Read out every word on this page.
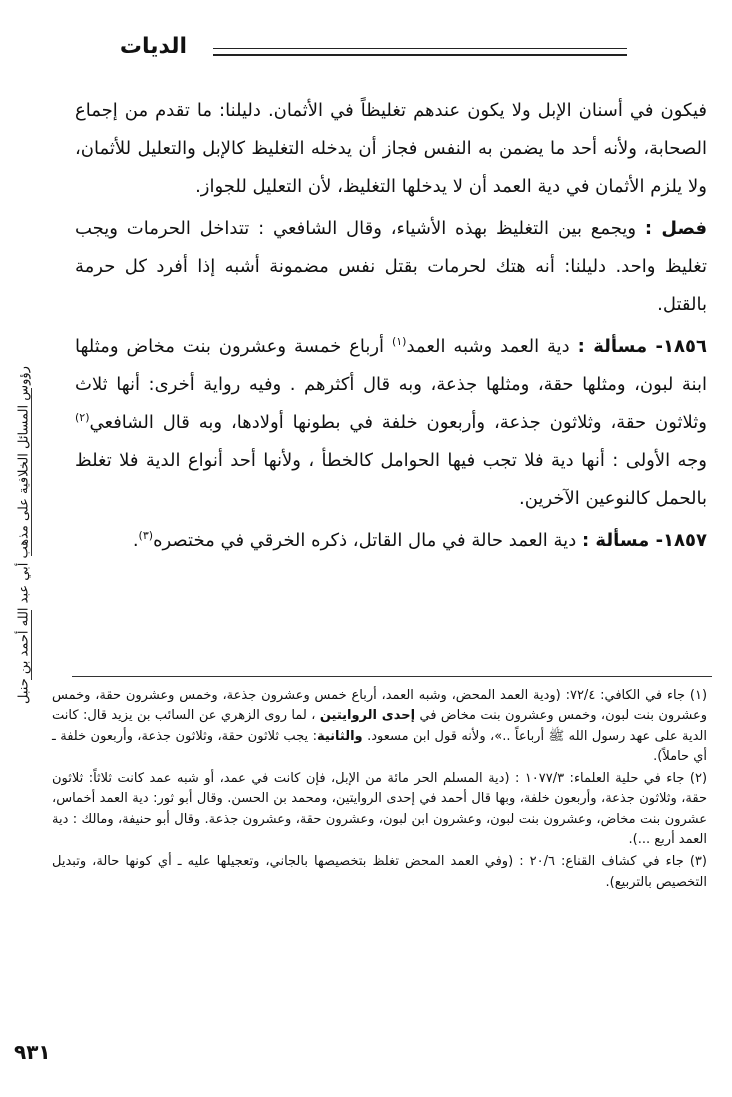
الديات

فيكون في أسنان الإبل ولا يكون عندهم تغليظاً في الأثمان. دليلنا: ما تقدم من إجماع الصحابة، ولأنه أحد ما يضمن به النفس فجاز أن يدخله التغليظ كالإبل والتعليل للأثمان، ولا يلزم الأثمان في دية العمد أن لا يدخلها التغليظ، لأن التعليل للجواز.

فصل : ويجمع بين التغليظ بهذه الأشياء، وقال الشافعي : تتداخل الحرمات ويجب تغليظ واحد. دليلنا: أنه هتك لحرمات بقتل نفس مضمونة أشبه إذا أفرد كل حرمة بالقتل.

١٨٥٦- مسألة : دية العمد وشبه العمد$^{(١)}$ أرباع خمسة وعشرون بنت مخاض ومثلها ابنة لبون، ومثلها حقة، ومثلها جذعة، وبه قال أكثرهم . وفيه رواية أخرى: أنها ثلاث وثلاثون حقة، وثلاثون جذعة، وأربعون خلفة في بطونها أولادها، وبه قال الشافعي$^{(٢)}$ وجه الأولى : أنها دية فلا تجب فيها الحوامل كالخطأ ، ولأنها أحد أنواع الدية فلا تغلظ بالحمل كالنوعين الآخرين.

١٨٥٧- مسألة : دية العمد حالة في مال القاتل، ذكره الخرقي في مختصره$^{(٣)}$.

رؤوس المسائل الخلافية على مذهب أبي عبد الله أحمد بن حنبل (١) جاء في الكافي: ٧٢/٤: (ودية العمد المحض، وشبه العمد، أرباع خمس وعشرون جذعة، وخمس وعشرون حقة، وخمس وعشرون بنت لبون، وخمس وعشرون بنت مخاض في إحدى الروايتين ، لما روى الزهري عن السائب بن يزيد قال: كانت الدية على عهد رسول الله ﷺ أرباعاً ..»، ولأنه قول ابن مسعود. والثانية: يجب ثلاثون حقة، وثلاثون جذعة، وأربعون خلفة ـ أي حاملاً).

(٢) جاء في حلية العلماء: ١٠٧٧/٣ : (دية المسلم الحر مائة من الإبل، فإن كانت في عمد، أو شبه عمد كانت ثلاثاً: ثلاثون حقة، وثلاثون جذعة، وأربعون خلفة، وبها قال أحمد في إحدى الروايتين، ومحمد بن الحسن. وقال أبو ثور: دية العمد أخماس، عشرون بنت مخاض، وعشرون بنت لبون، وعشرون ابن لبون، وعشرون حقة، وعشرون جذعة. وقال أبو حنيفة، ومالك : دية العمد أربع ...).

(٣) جاء في كشاف القناع: ٢٠/٦ : (وفي العمد المحض تغلظ بتخصيصها بالجاني، وتعجيلها عليه ـ أي كونها حالة، وتبديل التخصيص بالتربيع).

٩٣١
